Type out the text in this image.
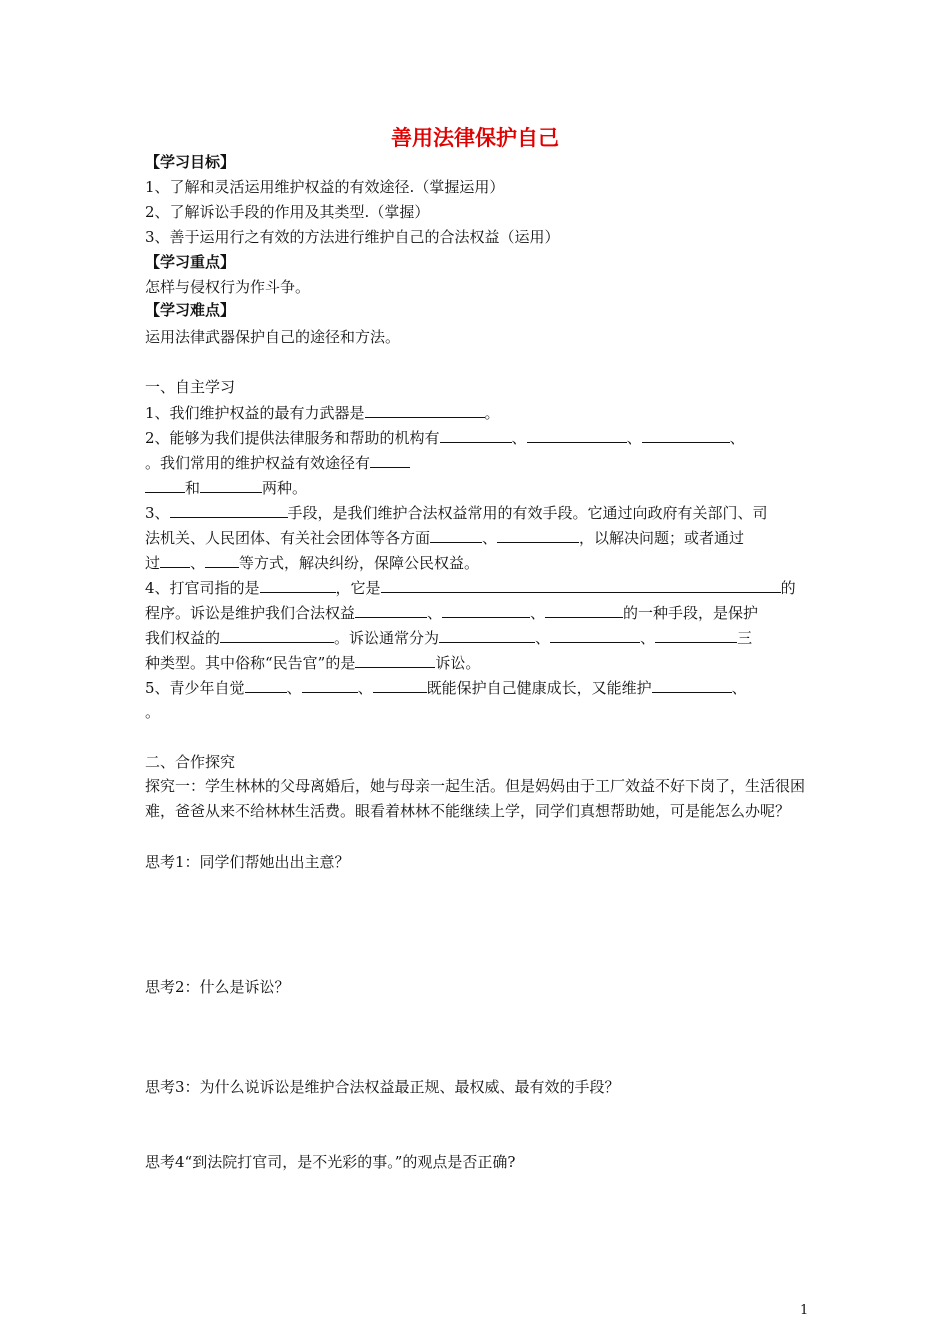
善用法律保护自己
【学习目标】
1、了解和灵活运用维护权益的有效途径.（掌握运用）
2、了解诉讼手段的作用及其类型.（掌握）
3、善于运用行之有效的方法进行维护自己的合法权益（运用）
【学习重点】
怎样与侵权行为作斗争。
【学习难点】
运用法律武器保护自己的途径和方法。
一、自主学习
1、我们维护权益的最有力武器是	。
2、能够为我们提供法律服务和帮助的机构有	、	、	、
。我们常用的维护权益有效途径有
和	两种。
3、	手段，是我们维护合法权益常用的有效手段。它通过向政府有关部门、司
法机关、人民团体、有关社会团体等各方面	、	，以解决问题；或者通过
过 、 等方式，解决纠纷，保障公民权益。
4、打官司指的是	，它是	的
程序。诉讼是维护我们合法权益	、	、	的一种手段，是保护
我们权益的	。诉讼通常分为	、	、	三
种类型。其中俗称“民告官”的是	诉讼。
5、青少年自觉	、	、	既能保护自己健康成长，又能维护	、
。
二、合作探究
探究一：学生林林的父母离婚后，她与母亲一起生活。但是妈妈由于工厂效益不好下岗了，生活很困难，爸爸从来不给林林生活费。眼看着林林不能继续上学，同学们真想帮助她，可是能怎么办呢？
思考1：同学们帮她出出主意？
思考2：什么是诉讼？
思考3：为什么说诉讼是维护合法权益最正规、最权威、最有效的手段？
思考4“到法院打官司，是不光彩的事。”的观点是否正确?
1
